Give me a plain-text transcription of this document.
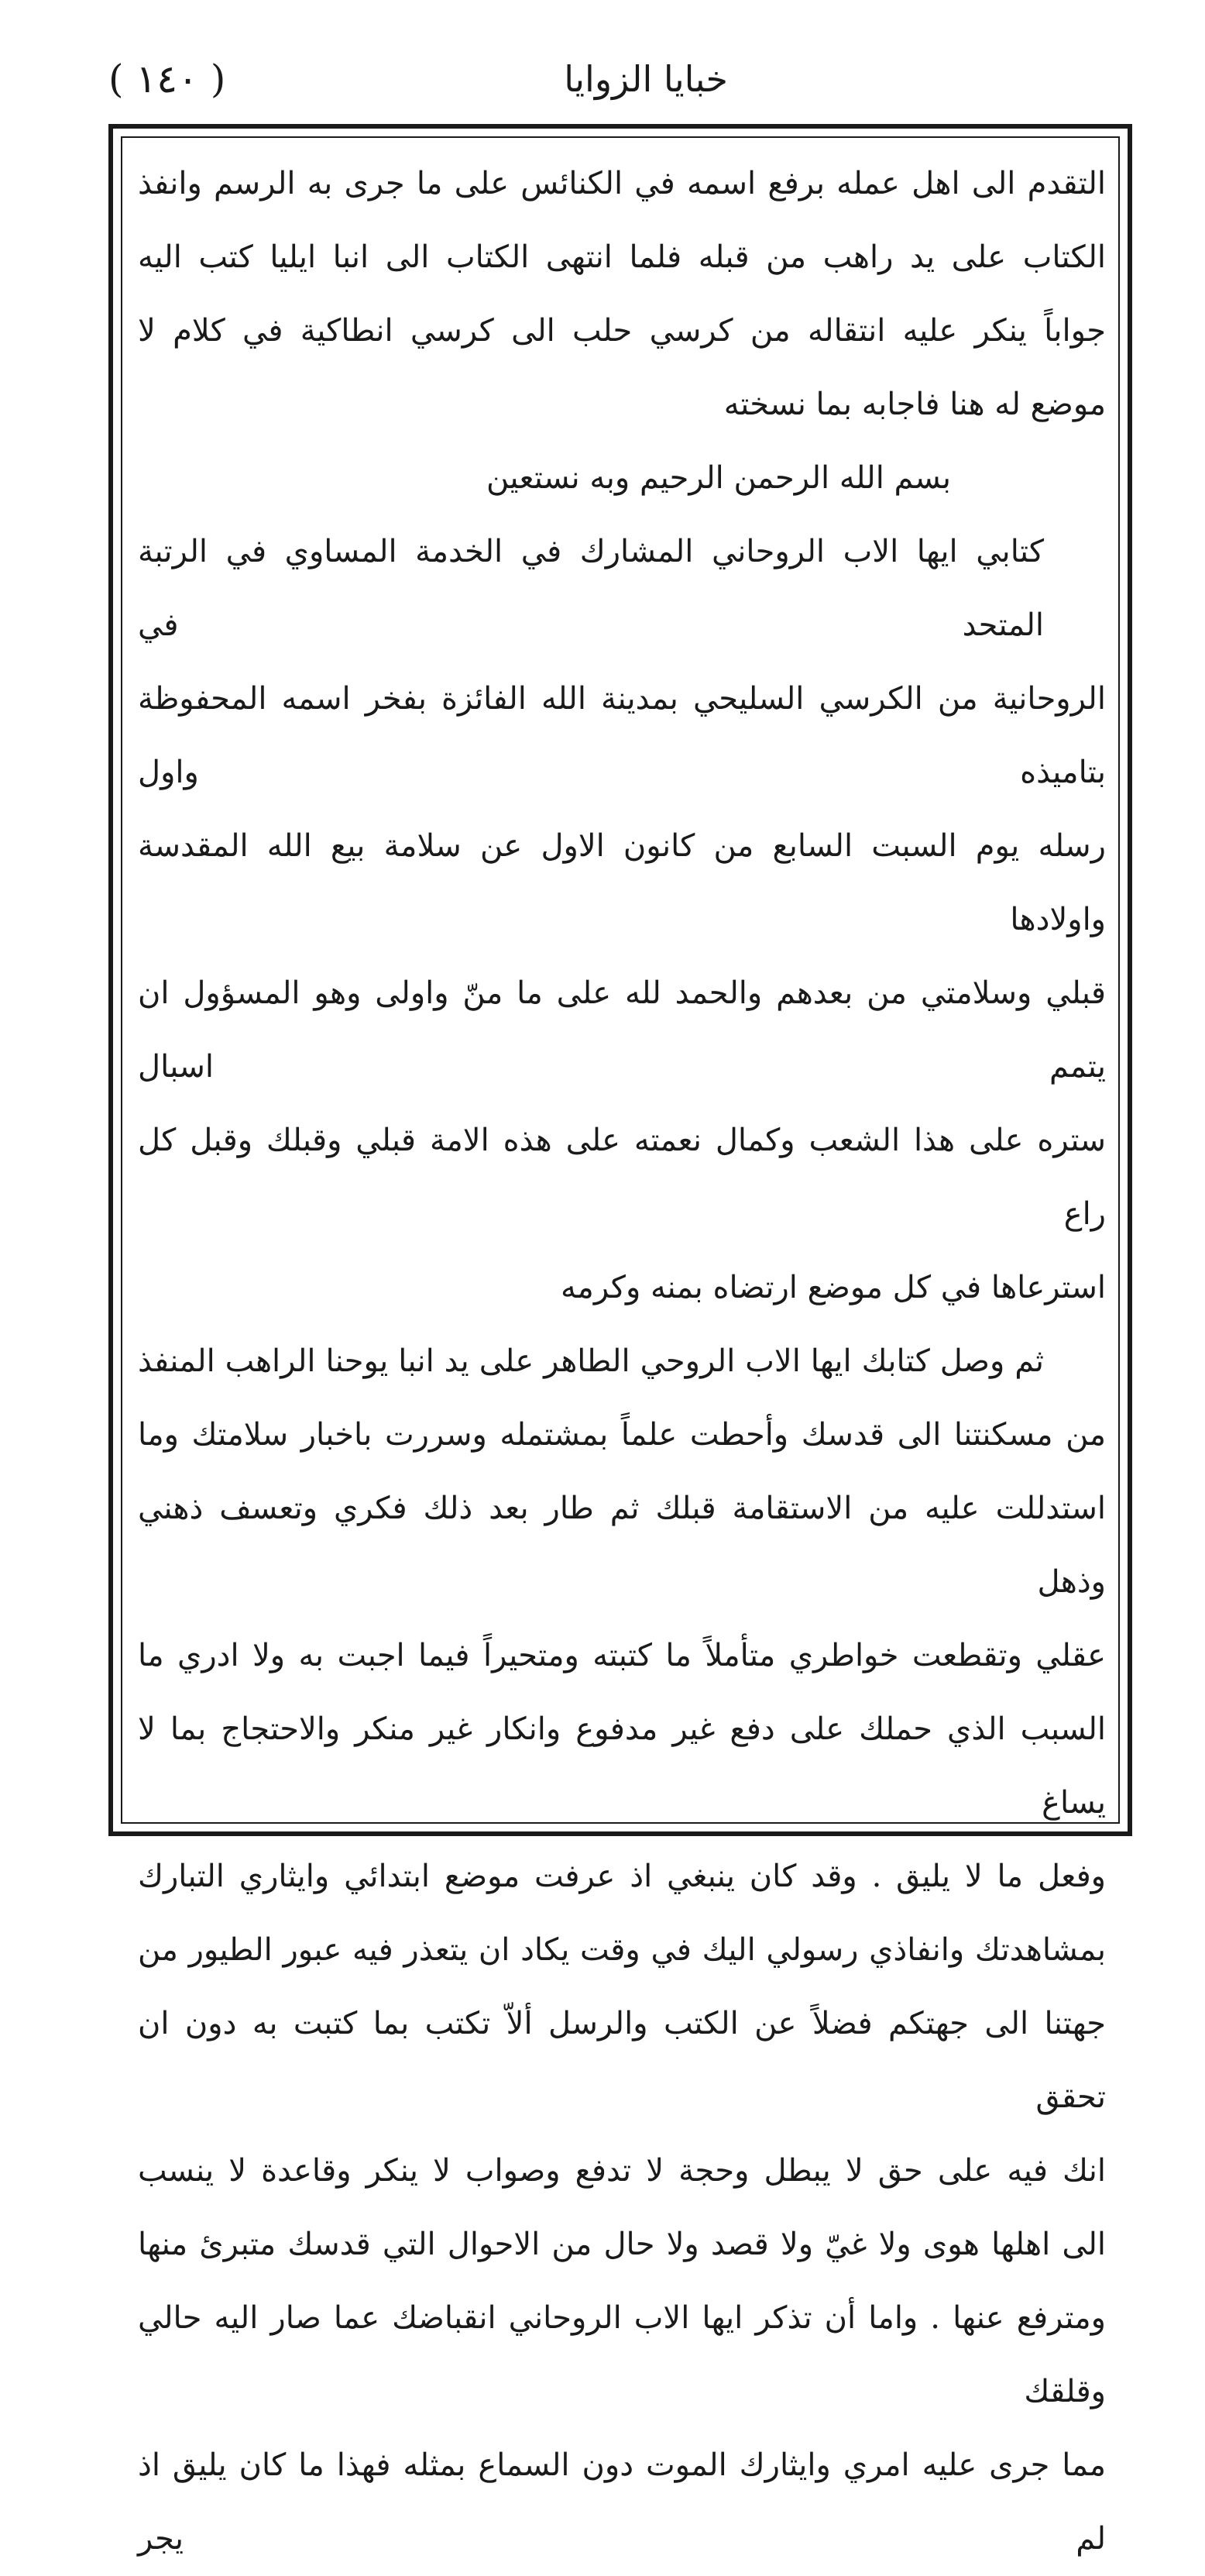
( ١٤٠ )	خبايا الزوايا

التقدم الى اهل عمله برفع اسمه في الكنائس على ما جرى به الرسم وانفذ

الكتاب على يد راهب من قبله فلما انتهى الكتاب الى انبا ايليا كتب اليه

جواباً ينكر عليه انتقاله من كرسي حلب الى كرسي انطاكية في كلام لا

موضع له هنا فاجابه بما نسخته

بسم الله الرحمن الرحيم وبه نستعين

كتابي ايها الاب الروحاني المشارك في الخدمة المساوي في الرتبة المتحد في

الروحانية من الكرسي السليحي بمدينة الله الفائزة بفخر اسمه المحفوظة بتاميذه واول

رسله يوم السبت السابع من كانون الاول عن سلامة بيع الله المقدسة واولادها

قبلي وسلامتي من بعدهم والحمد لله على ما منّ واولى وهو المسؤول ان يتمم اسبال

ستره على هذا الشعب وكمال نعمته على هذه الامة قبلي وقبلك وقبل كل راع

استرعاها في كل موضع ارتضاه بمنه وكرمه

ثم وصل كتابك ايها الاب الروحي الطاهر على يد انبا يوحنا الراهب المنفذ

من مسكنتنا الى قدسك وأحطت علماً بمشتمله وسررت باخبار سلامتك وما

استدللت عليه من الاستقامة قبلك ثم طار بعد ذلك فكري وتعسف ذهني وذهل

عقلي وتقطعت خواطري متأملاً ما كتبته ومتحيراً فيما اجبت به ولا ادري ما

السبب الذي حملك على دفع غير مدفوع وانكار غير منكر والاحتجاج بما لا يساغ

وفعل ما لا يليق . وقد كان ينبغي اذ عرفت موضع ابتدائي وايثاري التبارك

بمشاهدتك وانفاذي رسولي اليك في وقت يكاد ان يتعذر فيه عبور الطيور من

جهتنا الى جهتكم فضلاً عن الكتب والرسل ألاّ تكتب بما كتبت به دون ان تحقق

انك فيه على حق لا يبطل وحجة لا تدفع وصواب لا ينكر وقاعدة لا ينسب

الى اهلها هوى ولا غيّ ولا قصد ولا حال من الاحوال التي قدسك متبرئ منها

ومترفع عنها . واما أن تذكر ايها الاب الروحاني انقباضك عما صار اليه حالي وقلقك

مما جرى عليه امري وايثارك الموت دون السماع بمثله فهذا ما كان يليق اذ لم يجر
